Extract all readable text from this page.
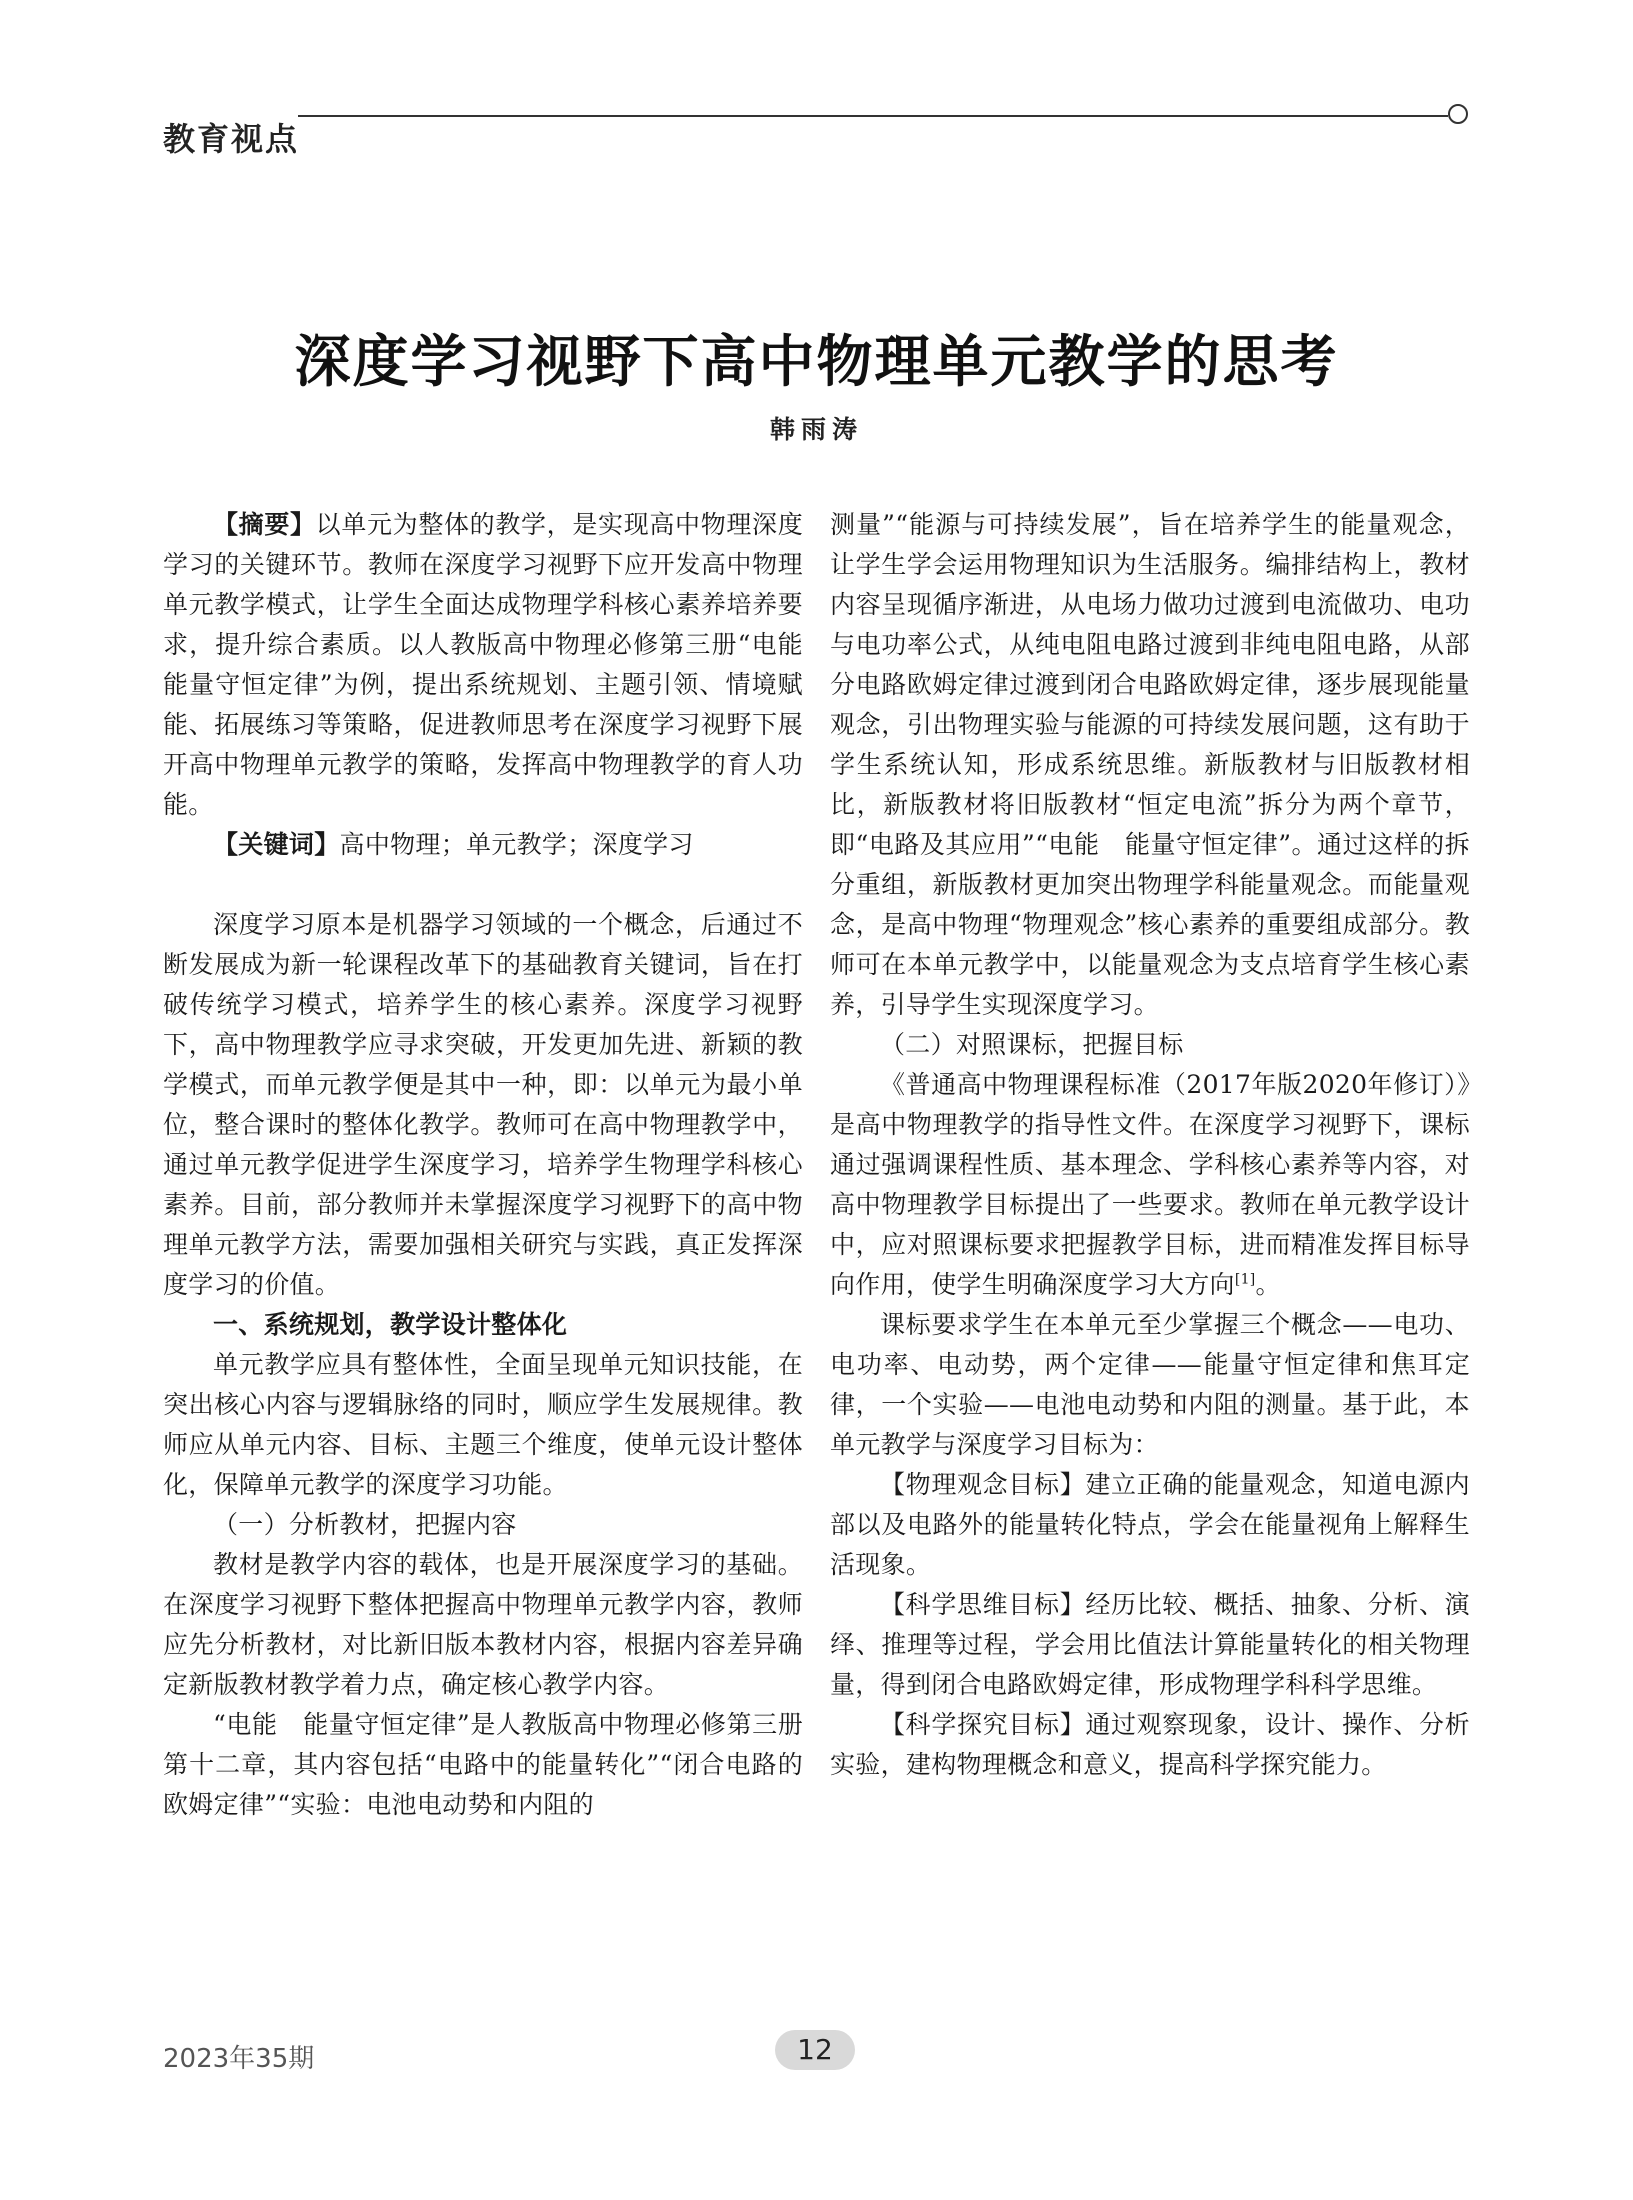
教育视点
深度学习视野下高中物理单元教学的思考
韩雨涛

【摘要】以单元为整体的教学，是实现高中物理深度学习的关键环节。教师在深度学习视野下应开发高中物理单元教学模式，让学生全面达成物理学科核心素养培养要求，提升综合素质。以人教版高中物理必修第三册“电能 能量守恒定律”为例，提出系统规划、主题引领、情境赋能、拓展练习等策略，促进教师思考在深度学习视野下展开高中物理单元教学的策略，发挥高中物理教学的育人功能。

【关键词】高中物理；单元教学；深度学习

深度学习原本是机器学习领域的一个概念，后通过不断发展成为新一轮课程改革下的基础教育关键词，旨在打破传统学习模式，培养学生的核心素养。深度学习视野下，高中物理教学应寻求突破，开发更加先进、新颖的教学模式，而单元教学便是其中一种，即：以单元为最小单位，整合课时的整体化教学。教师可在高中物理教学中，通过单元教学促进学生深度学习，培养学生物理学科核心素养。目前，部分教师并未掌握深度学习视野下的高中物理单元教学方法，需要加强相关研究与实践，真正发挥深度学习的价值。

一、系统规划，教学设计整体化

单元教学应具有整体性，全面呈现单元知识技能，在突出核心内容与逻辑脉络的同时，顺应学生发展规律。教师应从单元内容、目标、主题三个维度，使单元设计整体化，保障单元教学的深度学习功能。

（一）分析教材，把握内容

教材是教学内容的载体，也是开展深度学习的基础。在深度学习视野下整体把握高中物理单元教学内容，教师应先分析教材，对比新旧版本教材内容，根据内容差异确定新版教材教学着力点，确定核心教学内容。

“电能　能量守恒定律”是人教版高中物理必修第三册第十二章，其内容包括“电路中的能量转化”“闭合电路的欧姆定律”“实验：电池电动势和内阻的

测量”“能源与可持续发展”，旨在培养学生的能量观念，让学生学会运用物理知识为生活服务。编排结构上，教材内容呈现循序渐进，从电场力做功过渡到电流做功、电功与电功率公式，从纯电阻电路过渡到非纯电阻电路，从部分电路欧姆定律过渡到闭合电路欧姆定律，逐步展现能量观念，引出物理实验与能源的可持续发展问题，这有助于学生系统认知，形成系统思维。新版教材与旧版教材相比，新版教材将旧版教材“恒定电流”拆分为两个章节，即“电路及其应用”“电能　能量守恒定律”。通过这样的拆分重组，新版教材更加突出物理学科能量观念。而能量观念，是高中物理“物理观念”核心素养的重要组成部分。教师可在本单元教学中，以能量观念为支点培育学生核心素养，引导学生实现深度学习。

（二）对照课标，把握目标

《普通高中物理课程标准（2017年版2020年修订）》是高中物理教学的指导性文件。在深度学习视野下，课标通过强调课程性质、基本理念、学科核心素养等内容，对高中物理教学目标提出了一些要求。教师在单元教学设计中，应对照课标要求把握教学目标，进而精准发挥目标导向作用，使学生明确深度学习大方向[1]。

课标要求学生在本单元至少掌握三个概念——电功、电功率、电动势，两个定律——能量守恒定律和焦耳定律，一个实验——电池电动势和内阻的测量。基于此，本单元教学与深度学习目标为：

【物理观念目标】建立正确的能量观念，知道电源内部以及电路外的能量转化特点，学会在能量视角上解释生活现象。

【科学思维目标】经历比较、概括、抽象、分析、演绎、推理等过程，学会用比值法计算能量转化的相关物理量，得到闭合电路欧姆定律，形成物理学科科学思维。

【科学探究目标】通过观察现象，设计、操作、分析实验，建构物理概念和意义，提高科学探究能力。

2023年35期	12
